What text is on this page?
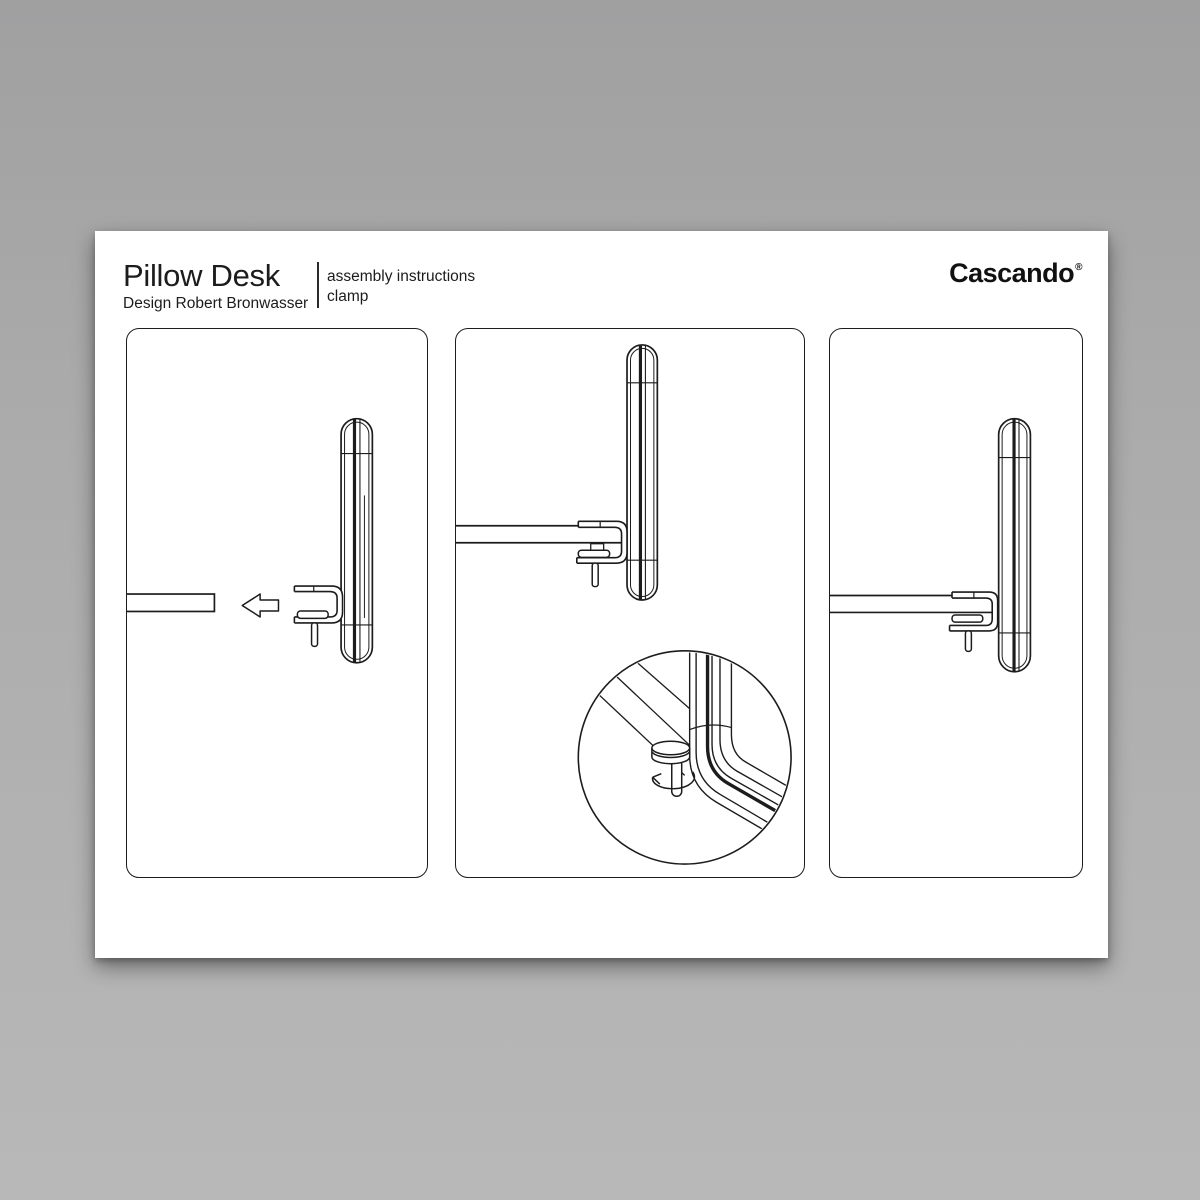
Pillow Desk
Design Robert Bronwasser
assembly instructions
clamp
Cascando®
